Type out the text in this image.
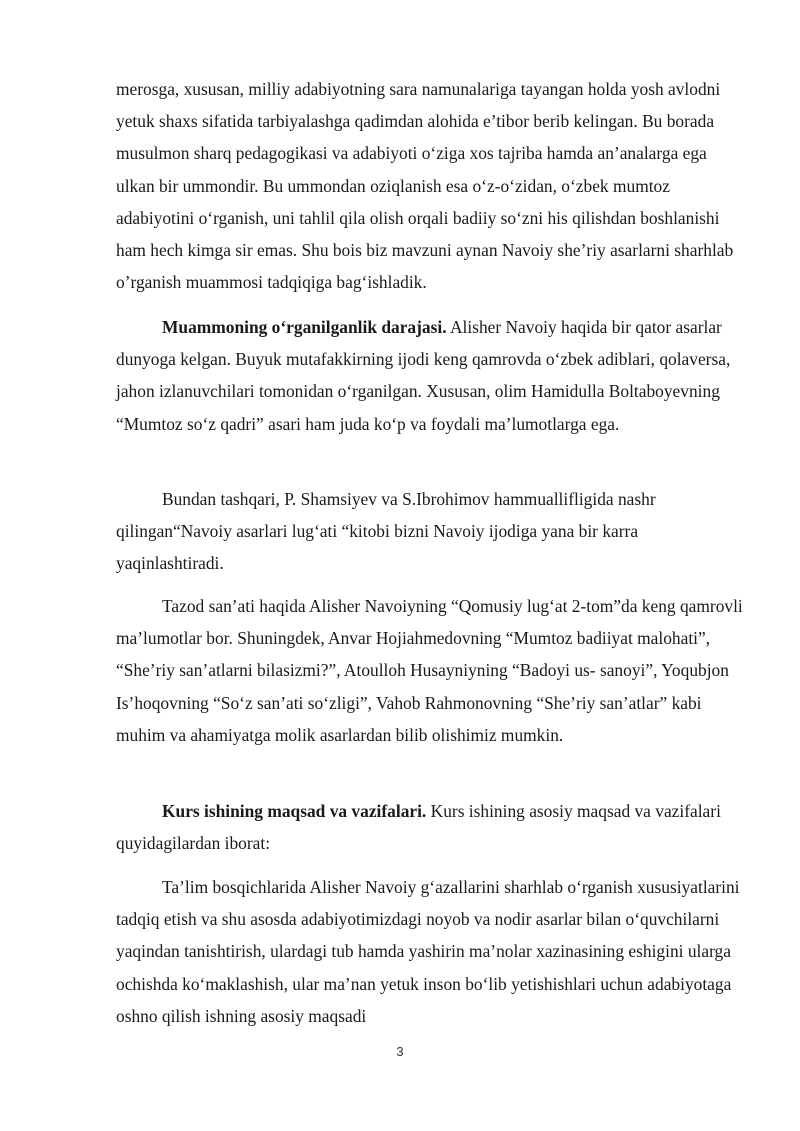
merosga, xususan, milliy adabiyotning sara namunalariga tayangan holda yosh avlodni yetuk shaxs sifatida tarbiyalashga qadimdan alohida e’tibor berib kelingan. Bu borada musulmon sharq pedagogikasi va adabiyoti o‘ziga xos tajriba hamda an’analarga ega ulkan bir ummondir. Bu ummondan oziqlanish esa o‘z-o‘zidan, o‘zbek mumtoz adabiyotini o‘rganish, uni tahlil qila olish orqali badiiy so‘zni his qilishdan boshlanishi ham hech kimga sir emas. Shu bois biz mavzuni aynan Navoiy she’riy asarlarni sharhlab o’rganish muammosi tadqiqiga bag‘ishladik.

Muammoning o‘rganilganlik darajasi. Alisher Navoiy haqida bir qator asarlar dunyoga kelgan. Buyuk mutafakkirning ijodi keng qamrovda o‘zbek adiblari, qolaversa, jahon izlanuvchilari tomonidan o‘rganilgan. Xususan, olim Hamidulla Boltaboyevning “Mumtoz so‘z qadri” asari ham juda ko‘p va foydali ma’lumotlarga ega.

Bundan tashqari, P. Shamsiyev va S.Ibrohimov hammuallifligida nashr qilingan“Navoiy asarlari lug‘ati “kitobi bizni Navoiy ijodiga yana bir karra yaqinlashtiradi.

Tazod san’ati haqida Alisher Navoiyning “Qomusiy lug‘at 2-tom”da keng qamrovli ma’lumotlar bor. Shuningdek, Anvar Hojiahmedovning “Mumtoz badiiyat malohati”, “She’riy san’atlarni bilasizmi?”, Atoulloh Husayniyning “Badoyi us- sanoyi”, Yoqubjon Is’hoqovning “So‘z san’ati so‘zligi”, Vahob Rahmonovning “She’riy san’atlar” kabi muhim va ahamiyatga molik asarlardan bilib olishimiz mumkin.

Kurs ishining maqsad va vazifalari. Kurs ishining asosiy maqsad va vazifalari quyidagilardan iborat:

Ta’lim bosqichlarida Alisher Navoiy g‘azallarini sharhlab o‘rganish xususiyatlarini tadqiq etish va shu asosda adabiyotimizdagi noyob va nodir asarlar bilan o‘quvchilarni yaqindan tanishtirish, ulardagi tub hamda yashirin ma’nolar xazinasining eshigini ularga ochishda ko‘maklashish, ular ma’nan yetuk inson bo‘lib yetishishlari uchun adabiyotaga oshno qilish ishning asosiy maqsadi

3
